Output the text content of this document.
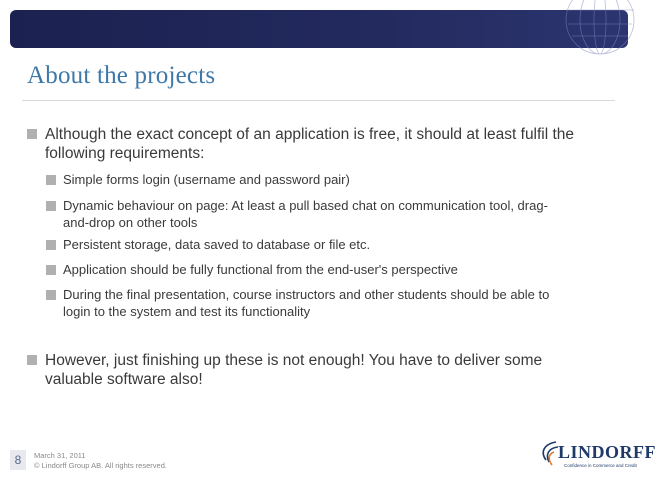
About the projects
Although the exact concept of an application is free, it should at least fulfil the
following requirements:
Simple forms login (username and password pair)
Dynamic behaviour on page: At least a pull based chat on communication tool, drag-
and-drop on other tools
Persistent storage, data saved to database or file etc.
Application should be fully functional from the end-user's perspective
During the final presentation, course instructors and other students should be able to
login to the system and test its functionality
However, just finishing up these is not enough! You have to deliver some
valuable software also!
8	March 31, 2011
© Lindorff Group AB. All rights reserved.
LINDORFF
Confidence in Commerce and Credit
